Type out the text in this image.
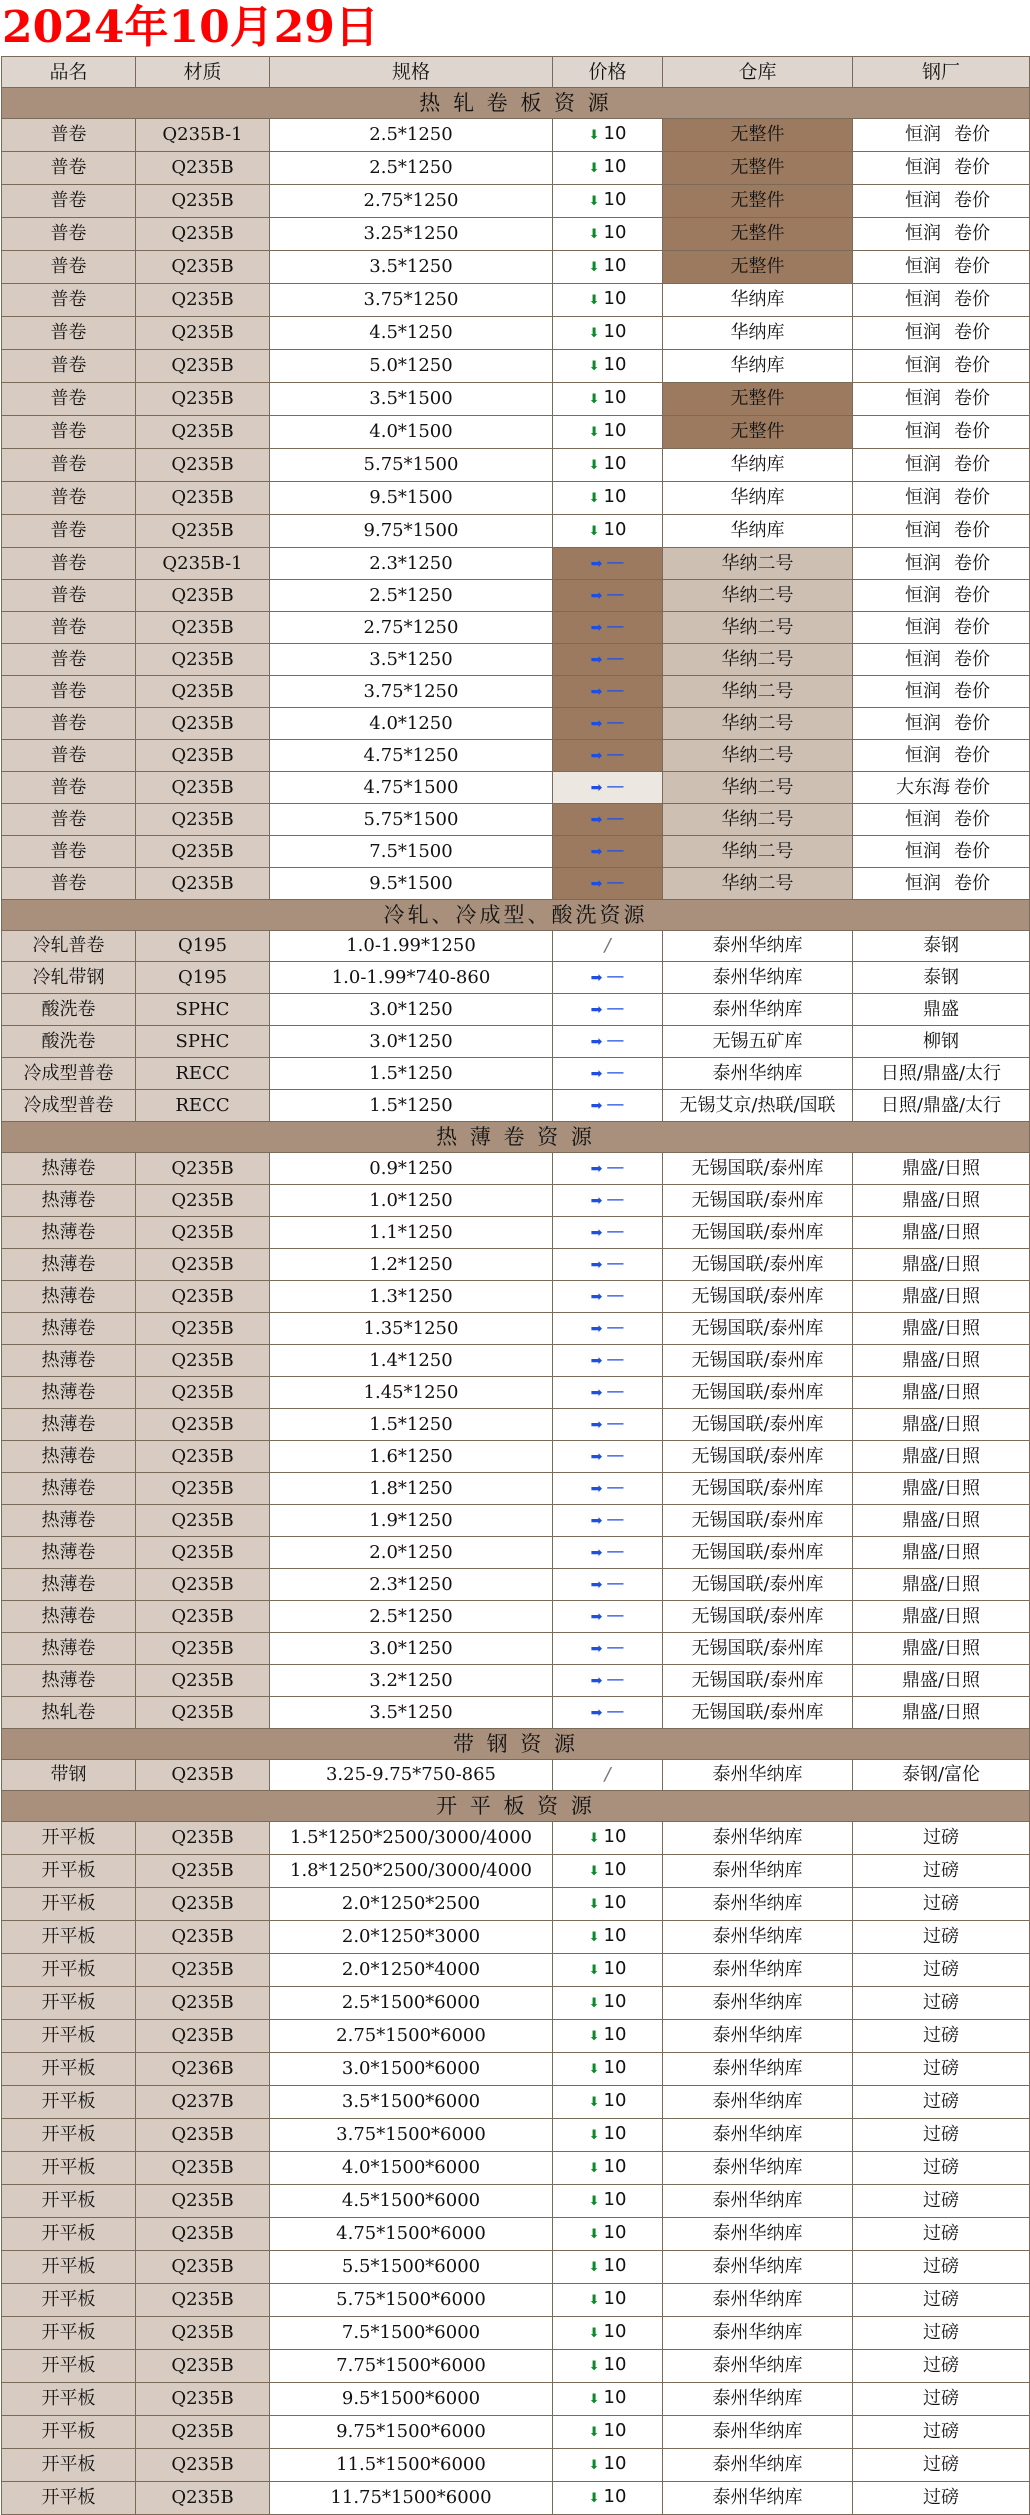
2024年10月29日
品名	材质	规格	价格	仓库	钢厂
热 轧 卷 板 资 源					
普卷	Q235B-1	2.5*1250	⬇ 10	无整件	恒润 卷价
普卷	Q235B	2.5*1250	⬇ 10	无整件	恒润 卷价
普卷	Q235B	2.75*1250	⬇ 10	无整件	恒润 卷价
普卷	Q235B	3.25*1250	⬇ 10	无整件	恒润 卷价
普卷	Q235B	3.5*1250	⬇ 10	无整件	恒润 卷价
普卷	Q235B	3.75*1250	⬇ 10	华纳库	恒润 卷价
普卷	Q235B	4.5*1250	⬇ 10	华纳库	恒润 卷价
普卷	Q235B	5.0*1250	⬇ 10	华纳库	恒润 卷价
普卷	Q235B	3.5*1500	⬇ 10	无整件	恒润 卷价
普卷	Q235B	4.0*1500	⬇ 10	无整件	恒润 卷价
普卷	Q235B	5.75*1500	⬇ 10	华纳库	恒润 卷价
普卷	Q235B	9.5*1500	⬇ 10	华纳库	恒润 卷价
普卷	Q235B	9.75*1500	⬇ 10	华纳库	恒润 卷价
普卷	Q235B-1	2.3*1250	➡ —	华纳二号	恒润 卷价
普卷	Q235B	2.5*1250	➡ —	华纳二号	恒润 卷价
普卷	Q235B	2.75*1250	➡ —	华纳二号	恒润 卷价
普卷	Q235B	3.5*1250	➡ —	华纳二号	恒润 卷价
普卷	Q235B	3.75*1250	➡ —	华纳二号	恒润 卷价
普卷	Q235B	4.0*1250	➡ —	华纳二号	恒润 卷价
普卷	Q235B	4.75*1250	➡ —	华纳二号	恒润 卷价
普卷	Q235B	4.75*1500	➡ —	华纳二号	大东海 卷价
普卷	Q235B	5.75*1500	➡ —	华纳二号	恒润 卷价
普卷	Q235B	7.5*1500	➡ —	华纳二号	恒润 卷价
普卷	Q235B	9.5*1500	➡ —	华纳二号	恒润 卷价
冷轧、冷成型、酸洗资源					
冷轧普卷	Q195	1.0-1.99*1250	/	泰州华纳库	泰钢
冷轧带钢	Q195	1.0-1.99*740-860	➡ —	泰州华纳库	泰钢
酸洗卷	SPHC	3.0*1250	➡ —	泰州华纳库	鼎盛
酸洗卷	SPHC	3.0*1250	➡ —	无锡五矿库	柳钢
冷成型普卷	RECC	1.5*1250	➡ —	泰州华纳库	日照/鼎盛/太行
冷成型普卷	RECC	1.5*1250	➡ —	无锡艾京/热联/国联	日照/鼎盛/太行
热 薄 卷 资 源					
热薄卷	Q235B	0.9*1250	➡ —	无锡国联/泰州库	鼎盛/日照
热薄卷	Q235B	1.0*1250	➡ —	无锡国联/泰州库	鼎盛/日照
热薄卷	Q235B	1.1*1250	➡ —	无锡国联/泰州库	鼎盛/日照
热薄卷	Q235B	1.2*1250	➡ —	无锡国联/泰州库	鼎盛/日照
热薄卷	Q235B	1.3*1250	➡ —	无锡国联/泰州库	鼎盛/日照
热薄卷	Q235B	1.35*1250	➡ —	无锡国联/泰州库	鼎盛/日照
热薄卷	Q235B	1.4*1250	➡ —	无锡国联/泰州库	鼎盛/日照
热薄卷	Q235B	1.45*1250	➡ —	无锡国联/泰州库	鼎盛/日照
热薄卷	Q235B	1.5*1250	➡ —	无锡国联/泰州库	鼎盛/日照
热薄卷	Q235B	1.6*1250	➡ —	无锡国联/泰州库	鼎盛/日照
热薄卷	Q235B	1.8*1250	➡ —	无锡国联/泰州库	鼎盛/日照
热薄卷	Q235B	1.9*1250	➡ —	无锡国联/泰州库	鼎盛/日照
热薄卷	Q235B	2.0*1250	➡ —	无锡国联/泰州库	鼎盛/日照
热薄卷	Q235B	2.3*1250	➡ —	无锡国联/泰州库	鼎盛/日照
热薄卷	Q235B	2.5*1250	➡ —	无锡国联/泰州库	鼎盛/日照
热薄卷	Q235B	3.0*1250	➡ —	无锡国联/泰州库	鼎盛/日照
热薄卷	Q235B	3.2*1250	➡ —	无锡国联/泰州库	鼎盛/日照
热轧卷	Q235B	3.5*1250	➡ —	无锡国联/泰州库	鼎盛/日照
带 钢 资 源					
带钢	Q235B	3.25-9.75*750-865	/	泰州华纳库	泰钢/富伦
开 平 板 资 源					
开平板	Q235B	1.5*1250*2500/3000/4000	⬇ 10	泰州华纳库	过磅
开平板	Q235B	1.8*1250*2500/3000/4000	⬇ 10	泰州华纳库	过磅
开平板	Q235B	2.0*1250*2500	⬇ 10	泰州华纳库	过磅
开平板	Q235B	2.0*1250*3000	⬇ 10	泰州华纳库	过磅
开平板	Q235B	2.0*1250*4000	⬇ 10	泰州华纳库	过磅
开平板	Q235B	2.5*1500*6000	⬇ 10	泰州华纳库	过磅
开平板	Q235B	2.75*1500*6000	⬇ 10	泰州华纳库	过磅
开平板	Q236B	3.0*1500*6000	⬇ 10	泰州华纳库	过磅
开平板	Q237B	3.5*1500*6000	⬇ 10	泰州华纳库	过磅
开平板	Q235B	3.75*1500*6000	⬇ 10	泰州华纳库	过磅
开平板	Q235B	4.0*1500*6000	⬇ 10	泰州华纳库	过磅
开平板	Q235B	4.5*1500*6000	⬇ 10	泰州华纳库	过磅
开平板	Q235B	4.75*1500*6000	⬇ 10	泰州华纳库	过磅
开平板	Q235B	5.5*1500*6000	⬇ 10	泰州华纳库	过磅
开平板	Q235B	5.75*1500*6000	⬇ 10	泰州华纳库	过磅
开平板	Q235B	7.5*1500*6000	⬇ 10	泰州华纳库	过磅
开平板	Q235B	7.75*1500*6000	⬇ 10	泰州华纳库	过磅
开平板	Q235B	9.5*1500*6000	⬇ 10	泰州华纳库	过磅
开平板	Q235B	9.75*1500*6000	⬇ 10	泰州华纳库	过磅
开平板	Q235B	11.5*1500*6000	⬇ 10	泰州华纳库	过磅
开平板	Q235B	11.75*1500*6000	⬇ 10	泰州华纳库	过磅
